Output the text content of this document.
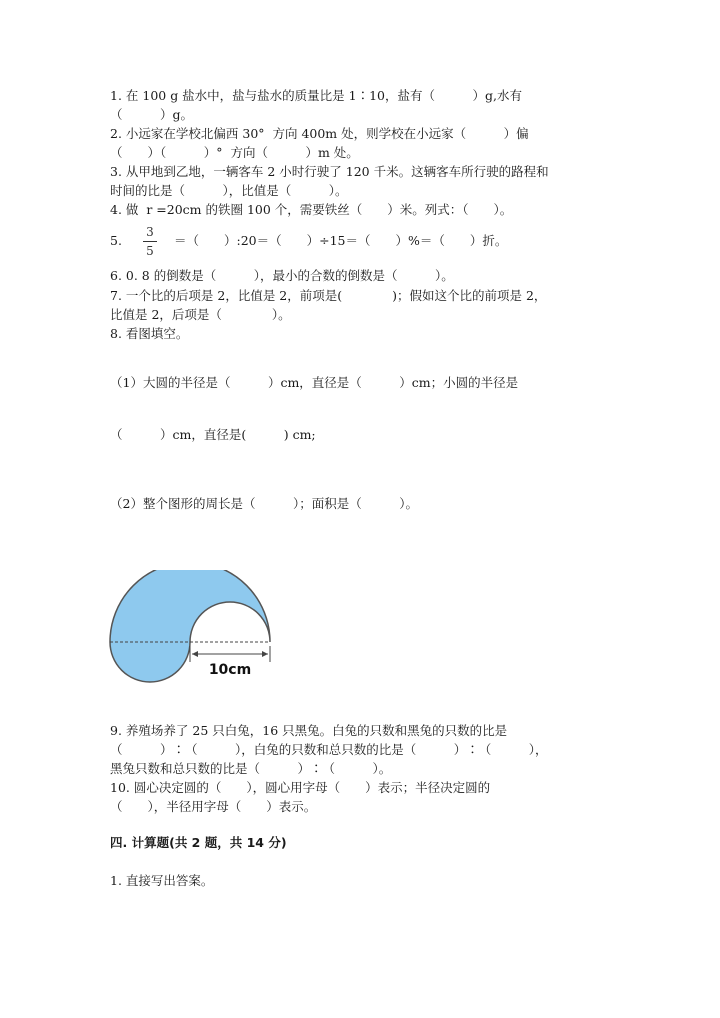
1. 在 100 g 盐水中，盐与盐水的质量比是 1∶10，盐有（　　　）g,水有
（　　　）g。
2. 小远家在学校北偏西 30°  方向 400m 处，则学校在小远家（　　　）偏
（　　）（　　　）°  方向（　　　）m 处。
3. 从甲地到乙地，一辆客车 2 小时行驶了 120 千米。这辆客车所行驶的路程和
时间的比是（　　　），比值是（　　　）。
4. 做  r =20cm 的铁圈 100 个，需要铁丝（　　）米。列式：（　　）。
5.
3
5
＝（　　）:20＝（　　）÷15＝（　　）%＝（　　）折。
6. 0. 8 的倒数是（　　　），最小的合数的倒数是（　　　）。
7. 一个比的后项是 2，比值是 2，前项是(　　　　)；假如这个比的前项是 2，
比值是 2，后项是（　　　　）。
8. 看图填空。
（1）大圆的半径是（　　　）cm，直径是（　　　）cm；小圆的半径是
（　　　）cm，直径是(　　　) cm;
（2）整个图形的周长是（　　　）；面积是（　　　）。
10cm
9. 养殖场养了 25 只白兔，16 只黑兔。白兔的只数和黑兔的只数的比是
（　　　）∶（　　　），白兔的只数和总只数的比是（　　　）∶（　　　），
黑兔只数和总只数的比是（　　　）∶（　　　）。
10. 圆心决定圆的（　　），圆心用字母（　　）表示；半径决定圆的
（　　），半径用字母（　　）表示。
四. 计算题(共 2 题，共 14 分)
1. 直接写出答案。
